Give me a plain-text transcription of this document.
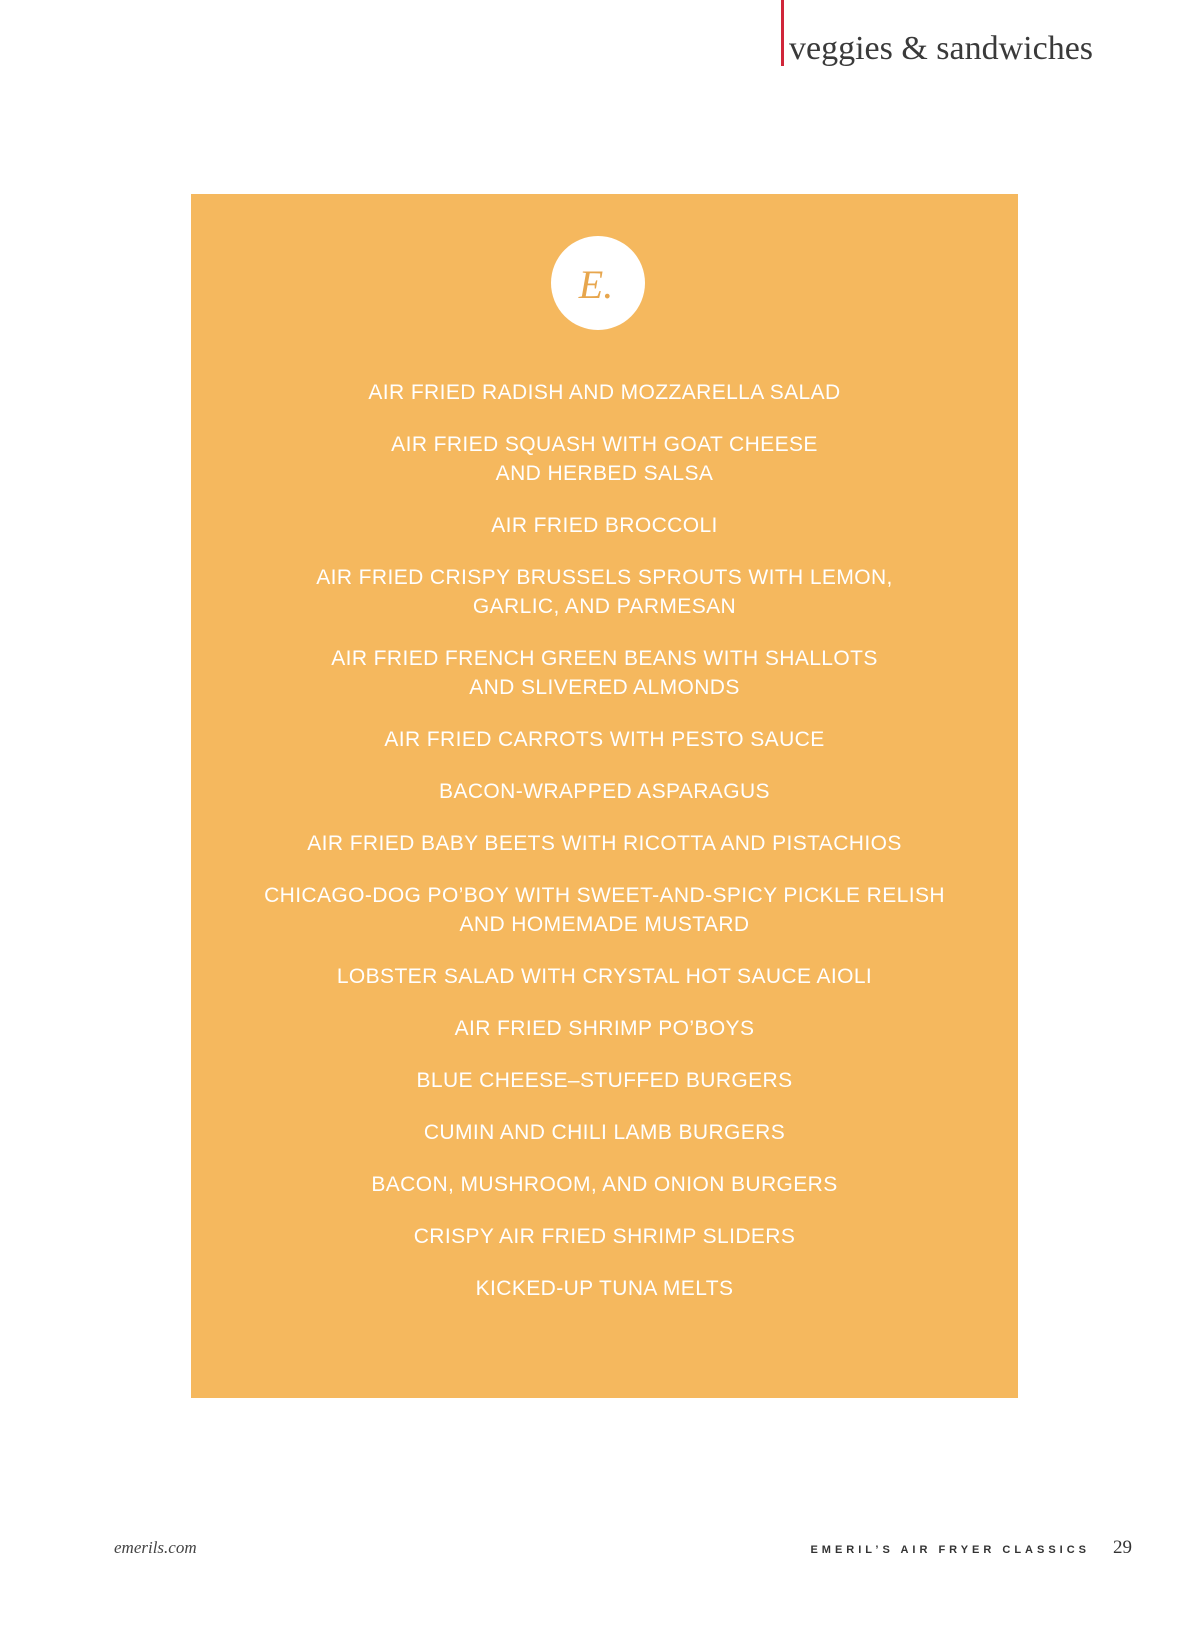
veggies & sandwiches
E.
AIR FRIED RADISH AND MOZZARELLA SALAD
AIR FRIED SQUASH WITH GOAT CHEESE
AND HERBED SALSA
AIR FRIED BROCCOLI
AIR FRIED CRISPY BRUSSELS SPROUTS WITH LEMON,
GARLIC, AND PARMESAN
AIR FRIED FRENCH GREEN BEANS WITH SHALLOTS
AND SLIVERED ALMONDS
AIR FRIED CARROTS WITH PESTO SAUCE
BACON-WRAPPED ASPARAGUS
AIR FRIED BABY BEETS WITH RICOTTA AND PISTACHIOS
CHICAGO-DOG PO’BOY WITH SWEET-AND-SPICY PICKLE RELISH
AND HOMEMADE MUSTARD
LOBSTER SALAD WITH CRYSTAL HOT SAUCE AIOLI
AIR FRIED SHRIMP PO’BOYS
BLUE CHEESE–STUFFED BURGERS
CUMIN AND CHILI LAMB BURGERS
BACON, MUSHROOM, AND ONION BURGERS
CRISPY AIR FRIED SHRIMP SLIDERS
KICKED-UP TUNA MELTS
emerils.com	EMERIL’S AIR FRYER CLASSICS 29
